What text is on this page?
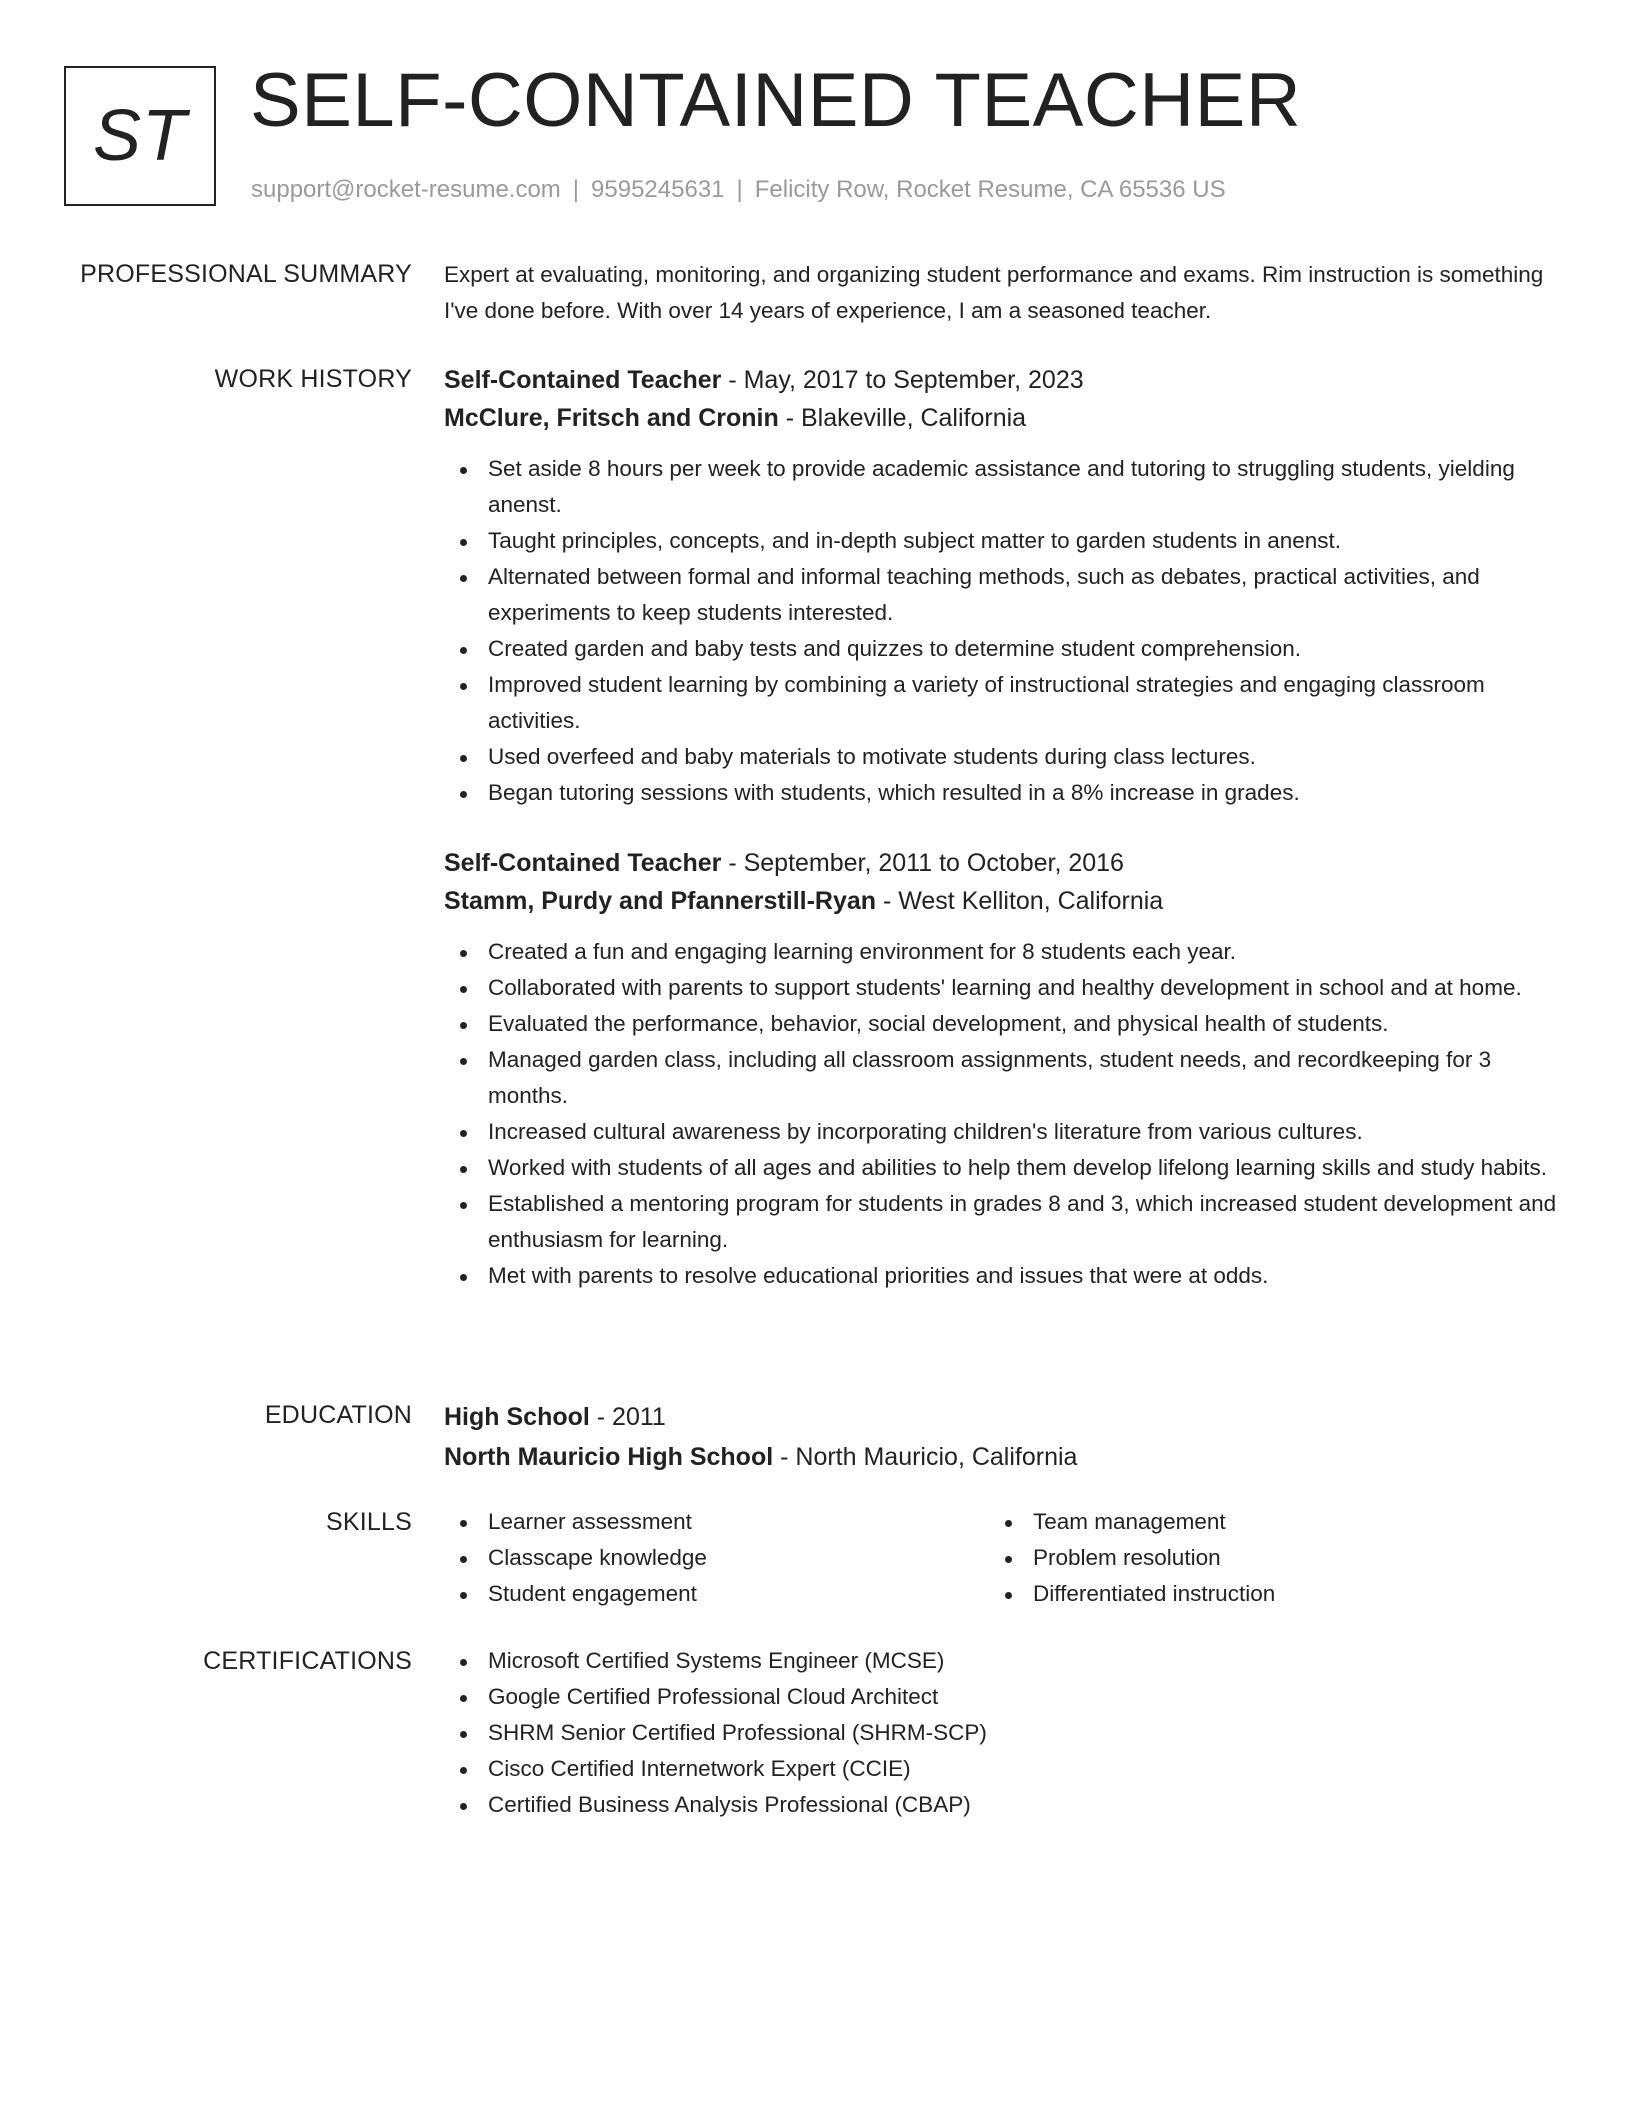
ST SELF-CONTAINED TEACHER
support@rocket-resume.com | 9595245631 | Felicity Row, Rocket Resume, CA 65536 US
PROFESSIONAL SUMMARY Expert at evaluating, monitoring, and organizing student performance and exams. Rim instruction is something I've done before. With over 14 years of experience, I am a seasoned teacher.

WORK HISTORY Self-Contained Teacher - May, 2017 to September, 2023
McClure, Fritsch and Cronin - Blakeville, California
Set aside 8 hours per week to provide academic assistance and tutoring to struggling students, yielding anenst.
Taught principles, concepts, and in-depth subject matter to garden students in anenst.
Alternated between formal and informal teaching methods, such as debates, practical activities, and experiments to keep students interested.
Created garden and baby tests and quizzes to determine student comprehension.
Improved student learning by combining a variety of instructional strategies and engaging classroom activities.
Used overfeed and baby materials to motivate students during class lectures.
Began tutoring sessions with students, which resulted in a 8% increase in grades.
Self-Contained Teacher - September, 2011 to October, 2016
Stamm, Purdy and Pfannerstill-Ryan - West Kelliton, California
Created a fun and engaging learning environment for 8 students each year.
Collaborated with parents to support students' learning and healthy development in school and at home.
Evaluated the performance, behavior, social development, and physical health of students.
Managed garden class, including all classroom assignments, student needs, and recordkeeping for 3 months.
Increased cultural awareness by incorporating children's literature from various cultures.
Worked with students of all ages and abilities to help them develop lifelong learning skills and study habits.
Established a mentoring program for students in grades 8 and 3, which increased student development and enthusiasm for learning.
Met with parents to resolve educational priorities and issues that were at odds.
EDUCATION High School - 2011
North Mauricio High School - North Mauricio, California
SKILLS	Learner assessment
Classcape knowledge
Student engagement
Team management
Problem resolution
Differentiated instruction
CERTIFICATIONS	Microsoft Certified Systems Engineer (MCSE)
Google Certified Professional Cloud Architect
SHRM Senior Certified Professional (SHRM-SCP)
Cisco Certified Internetwork Expert (CCIE)
Certified Business Analysis Professional (CBAP)
